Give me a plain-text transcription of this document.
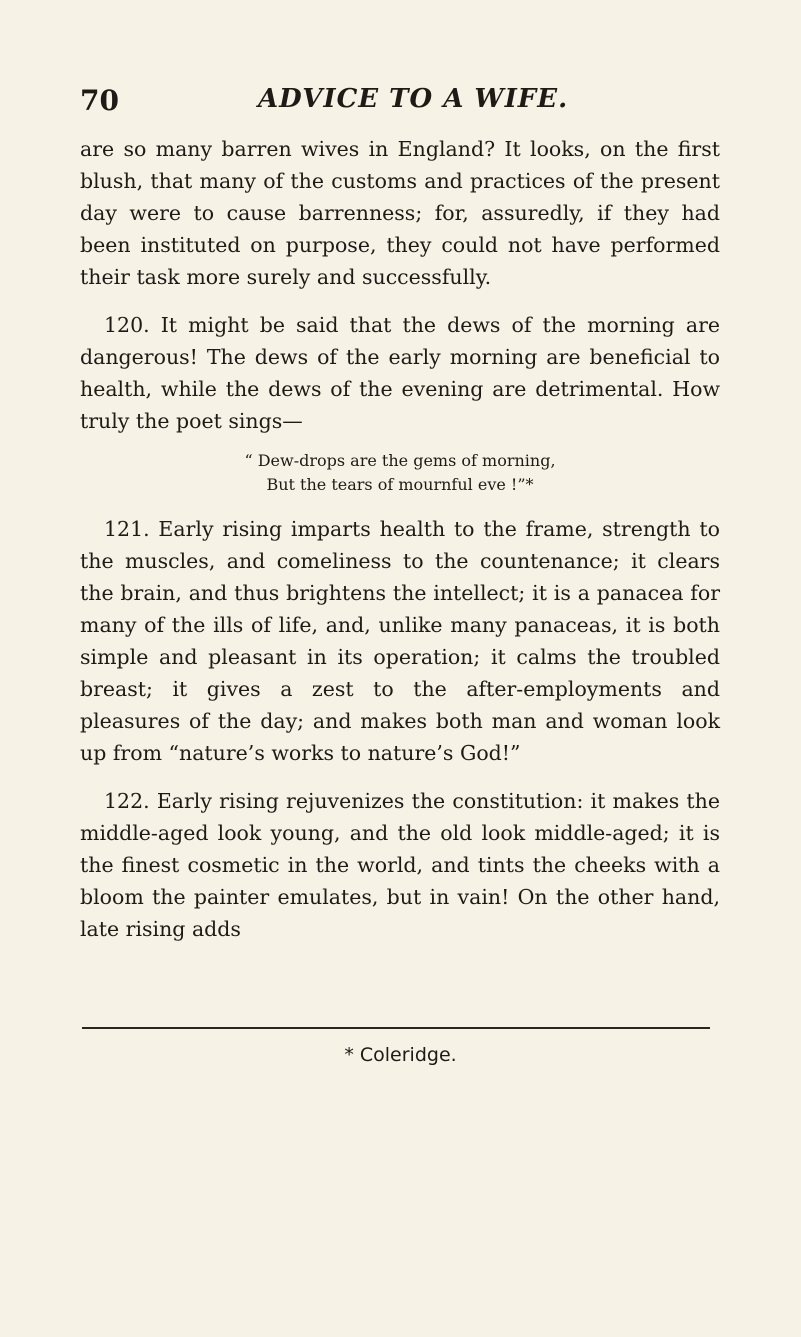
70	ADVICE TO A WIFE.

are so many barren wives in England? It looks, on the first blush, that many of the customs and practices of the present day were to cause barrenness; for, assuredly, if they had been instituted on purpose, they could not have performed their task more surely and successfully.

120. It might be said that the dews of the morning are dangerous! The dews of the early morning are beneficial to health, while the dews of the evening are detrimental. How truly the poet sings—

“ Dew-drops are the gems of morning,
But the tears of mournful eve !”*

121. Early rising imparts health to the frame, strength to the muscles, and comeliness to the countenance; it clears the brain, and thus brightens the intellect; it is a panacea for many of the ills of life, and, unlike many panaceas, it is both simple and pleasant in its operation; it calms the troubled breast; it gives a zest to the after-employments and pleasures of the day; and makes both man and woman look up from “nature’s works to nature’s God!”

122. Early rising rejuvenizes the constitution: it makes the middle-aged look young, and the old look middle-aged; it is the finest cosmetic in the world, and tints the cheeks with a bloom the painter emulates, but in vain! On the other hand, late rising adds

* Coleridge.
